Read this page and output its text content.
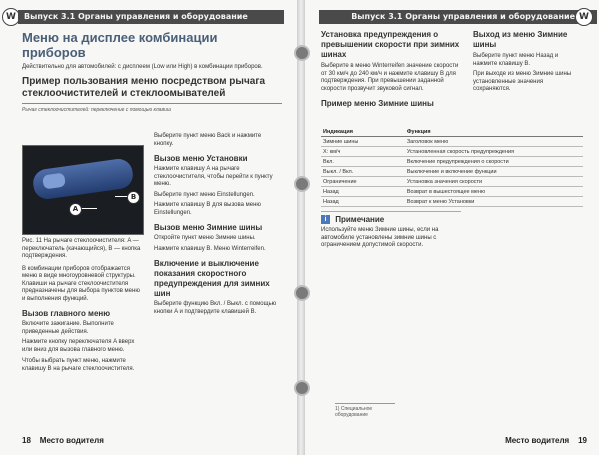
W	Выпуск 3.1 Органы управления и оборудование
Меню на дисплее комбинации приборов
Действительно для автомобилей: с дисплеем (Low или High) в комбинации приборов.
Пример пользования меню посредством рычага стеклоочистителей и стеклоомывателей
Рычаг стеклоочистителей: переключение с помощью клавиш
A
B
Рис. 11 На рычаге стеклоочистителя: A — переключатель (качающийся), B — кнопка подтверждения.
В комбинации приборов отображается меню в виде многоуровневой структуры. Клавиши на рычаге стеклоочистителя предназначены для выбора пунктов меню и выполнения функций.
Вызов главного меню
Включите зажигание. Выполните приведенные действия.
Нажмите кнопку переключателя A вверх или вниз для вызова главного меню.
Чтобы выбрать пункт меню, нажмите клавишу B на рычаге стеклоочистителя.
Выберите пункт меню Back и нажмите кнопку.
Вызов меню Установки
Нажмите клавишу A на рычаге стеклоочистителя, чтобы перейти к пункту меню.
Выберите пункт меню Einstellungen.
Нажмите клавишу B для вызова меню Einstellungen.
Вызов меню Зимние шины
Откройте пункт меню Зимние шины.
Нажмите клавишу B. Меню Winterreifen.
Включение и выключение показания скоростного предупреждения для зимних шин
Выберите функцию Вкл. / Выкл. с помощью кнопки A и подтвердите клавишей B.
18 Место водителя
Выпуск 3.1 Органы управления и оборудование W
Установка предупреждения о превышении скорости при зимних шинах
Выберите в меню Winterreifen значение скорости от 30 км/ч до 240 км/ч и нажмите клавишу B для подтверждения. При превышении заданной скорости прозвучит звуковой сигнал.
Пример меню Зимние шины
Выход из меню Зимние шины
Выберите пункт меню Назад и нажмите клавишу B.
При выходе из меню Зимние шины установленные значения сохраняются.
Индикация	Функция
Зимние шины	Заголовок меню
Х: км/ч	Установленная скорость предупреждения
Вкл.	Включение предупреждения о скорости
Выкл. / Вкл.	Выключение и включение функции
Ограничение	Установка значения скорости
Назад	Возврат в вышестоящее меню
Назад	Возврат к меню Установки
i Примечание
Используйте меню Зимние шины, если на автомобиле установлены зимние шины с ограничением допустимой скорости.
1) Специальное оборудование
Место водителя 19
